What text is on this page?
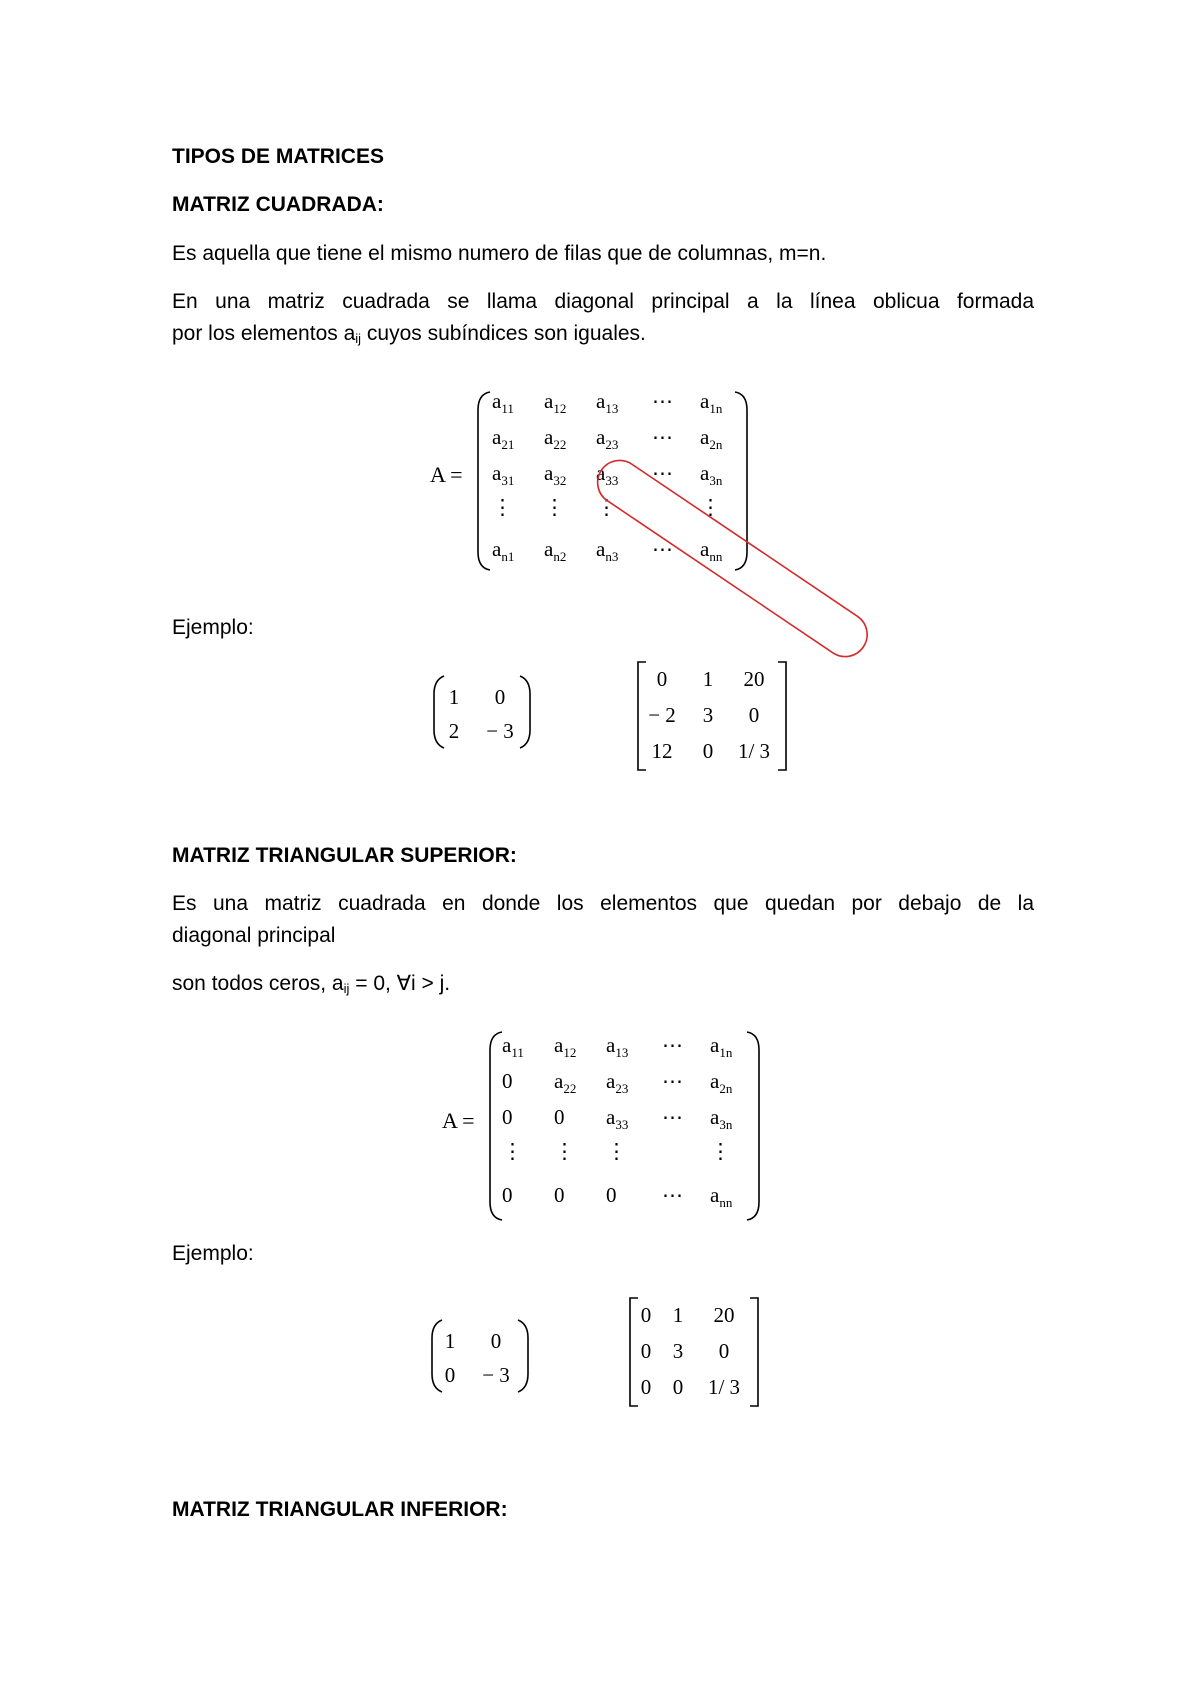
TIPOS DE MATRICES
MATRIZ CUADRADA:
Es aquella que tiene el mismo numero de filas que de columnas, m=n.
En una matriz cuadrada se llama diagonal principal a la línea oblicua formada
por los elementos $a_{ij}$ cuyos subíndices son iguales.
A =
$a_{11}$ $a_{12}$ $a_{13}$ ⋯ $a_{1n}$
$a_{21}$ $a_{22}$ $a_{23}$ ⋯ $a_{2n}$
$a_{31}$ $a_{32}$ $a_{33}$ ⋯ $a_{3n}$
⋮ ⋮ ⋮	⋮
$a_{n1}$ $a_{n2}$ $a_{n3}$ ⋯ $a_{nn}$
Ejemplo:
1 0
2 − 3
0 1 20
− 2 3 0
12 0 1/ 3
MATRIZ TRIANGULAR SUPERIOR:
Es una matriz cuadrada en donde los elementos que quedan por debajo de la
diagonal principal
son todos ceros, $a_{ij} = 0$, ∀i > j.
A =
$a_{11}$ $a_{12}$ $a_{13}$ ⋯ $a_{1n}$
0 $a_{22}$ $a_{23}$ ⋯ $a_{2n}$
0 0 $a_{33}$ ⋯ $a_{3n}$
⋮ ⋮ ⋮	⋮
0 0 0 ⋯ $a_{nn}$
Ejemplo:
1 0
0 − 3
0 1 20
0 3 0
0 0 1/ 3
MATRIZ TRIANGULAR INFERIOR:
